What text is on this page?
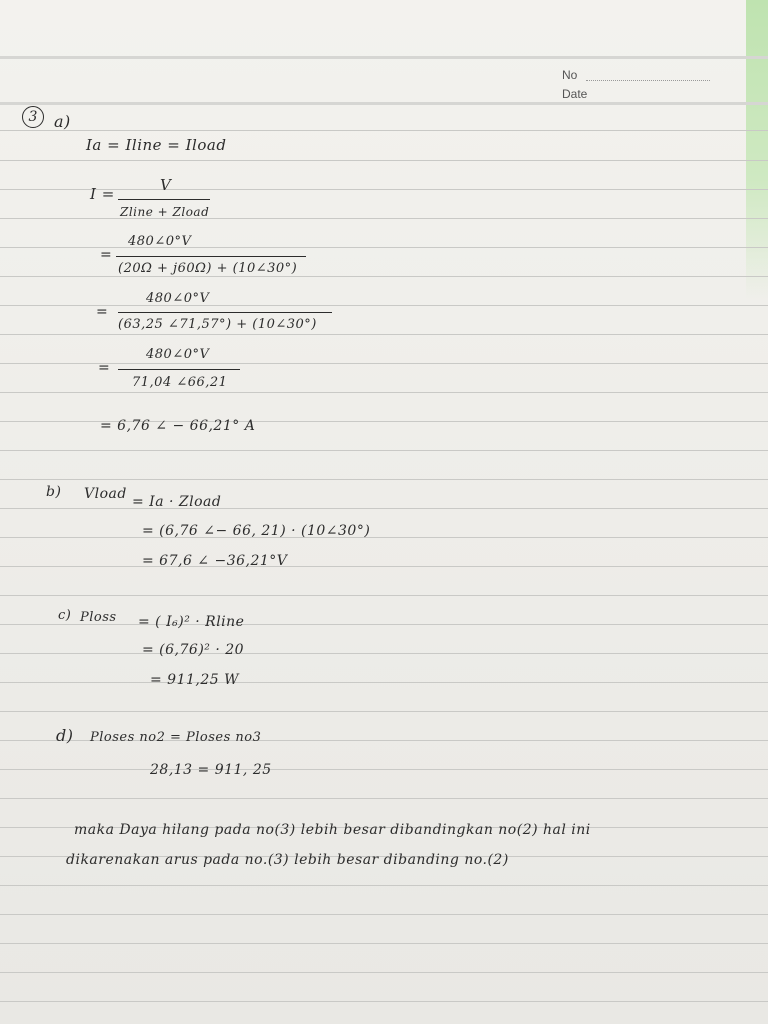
No
Date
3	a)
Ia = Iline = Iload
I =	V
Zline + Zload
=
480∠0°V
(20Ω + j60Ω) + (10∠30°)
=
480∠0°V
(63,25 ∠71,57°) + (10∠30°)
=
480∠0°V
71,04 ∠66,21
= 6,76 ∠ − 66,21° A
b) Vload = Ia · Zload
= (6,76 ∠− 66, 21) · (10∠30°)
= 67,6 ∠ −36,21°V
c) Ploss = ( I₆)² · Rline
= (6,76)² · 20
= 911,25 W
d) Ploses no2 = Ploses no3
28,13 = 911, 25
maka Daya hilang pada no(3) lebih besar dibandingkan no(2) hal ini
dikarenakan arus pada no.(3) lebih besar dibanding no.(2)
